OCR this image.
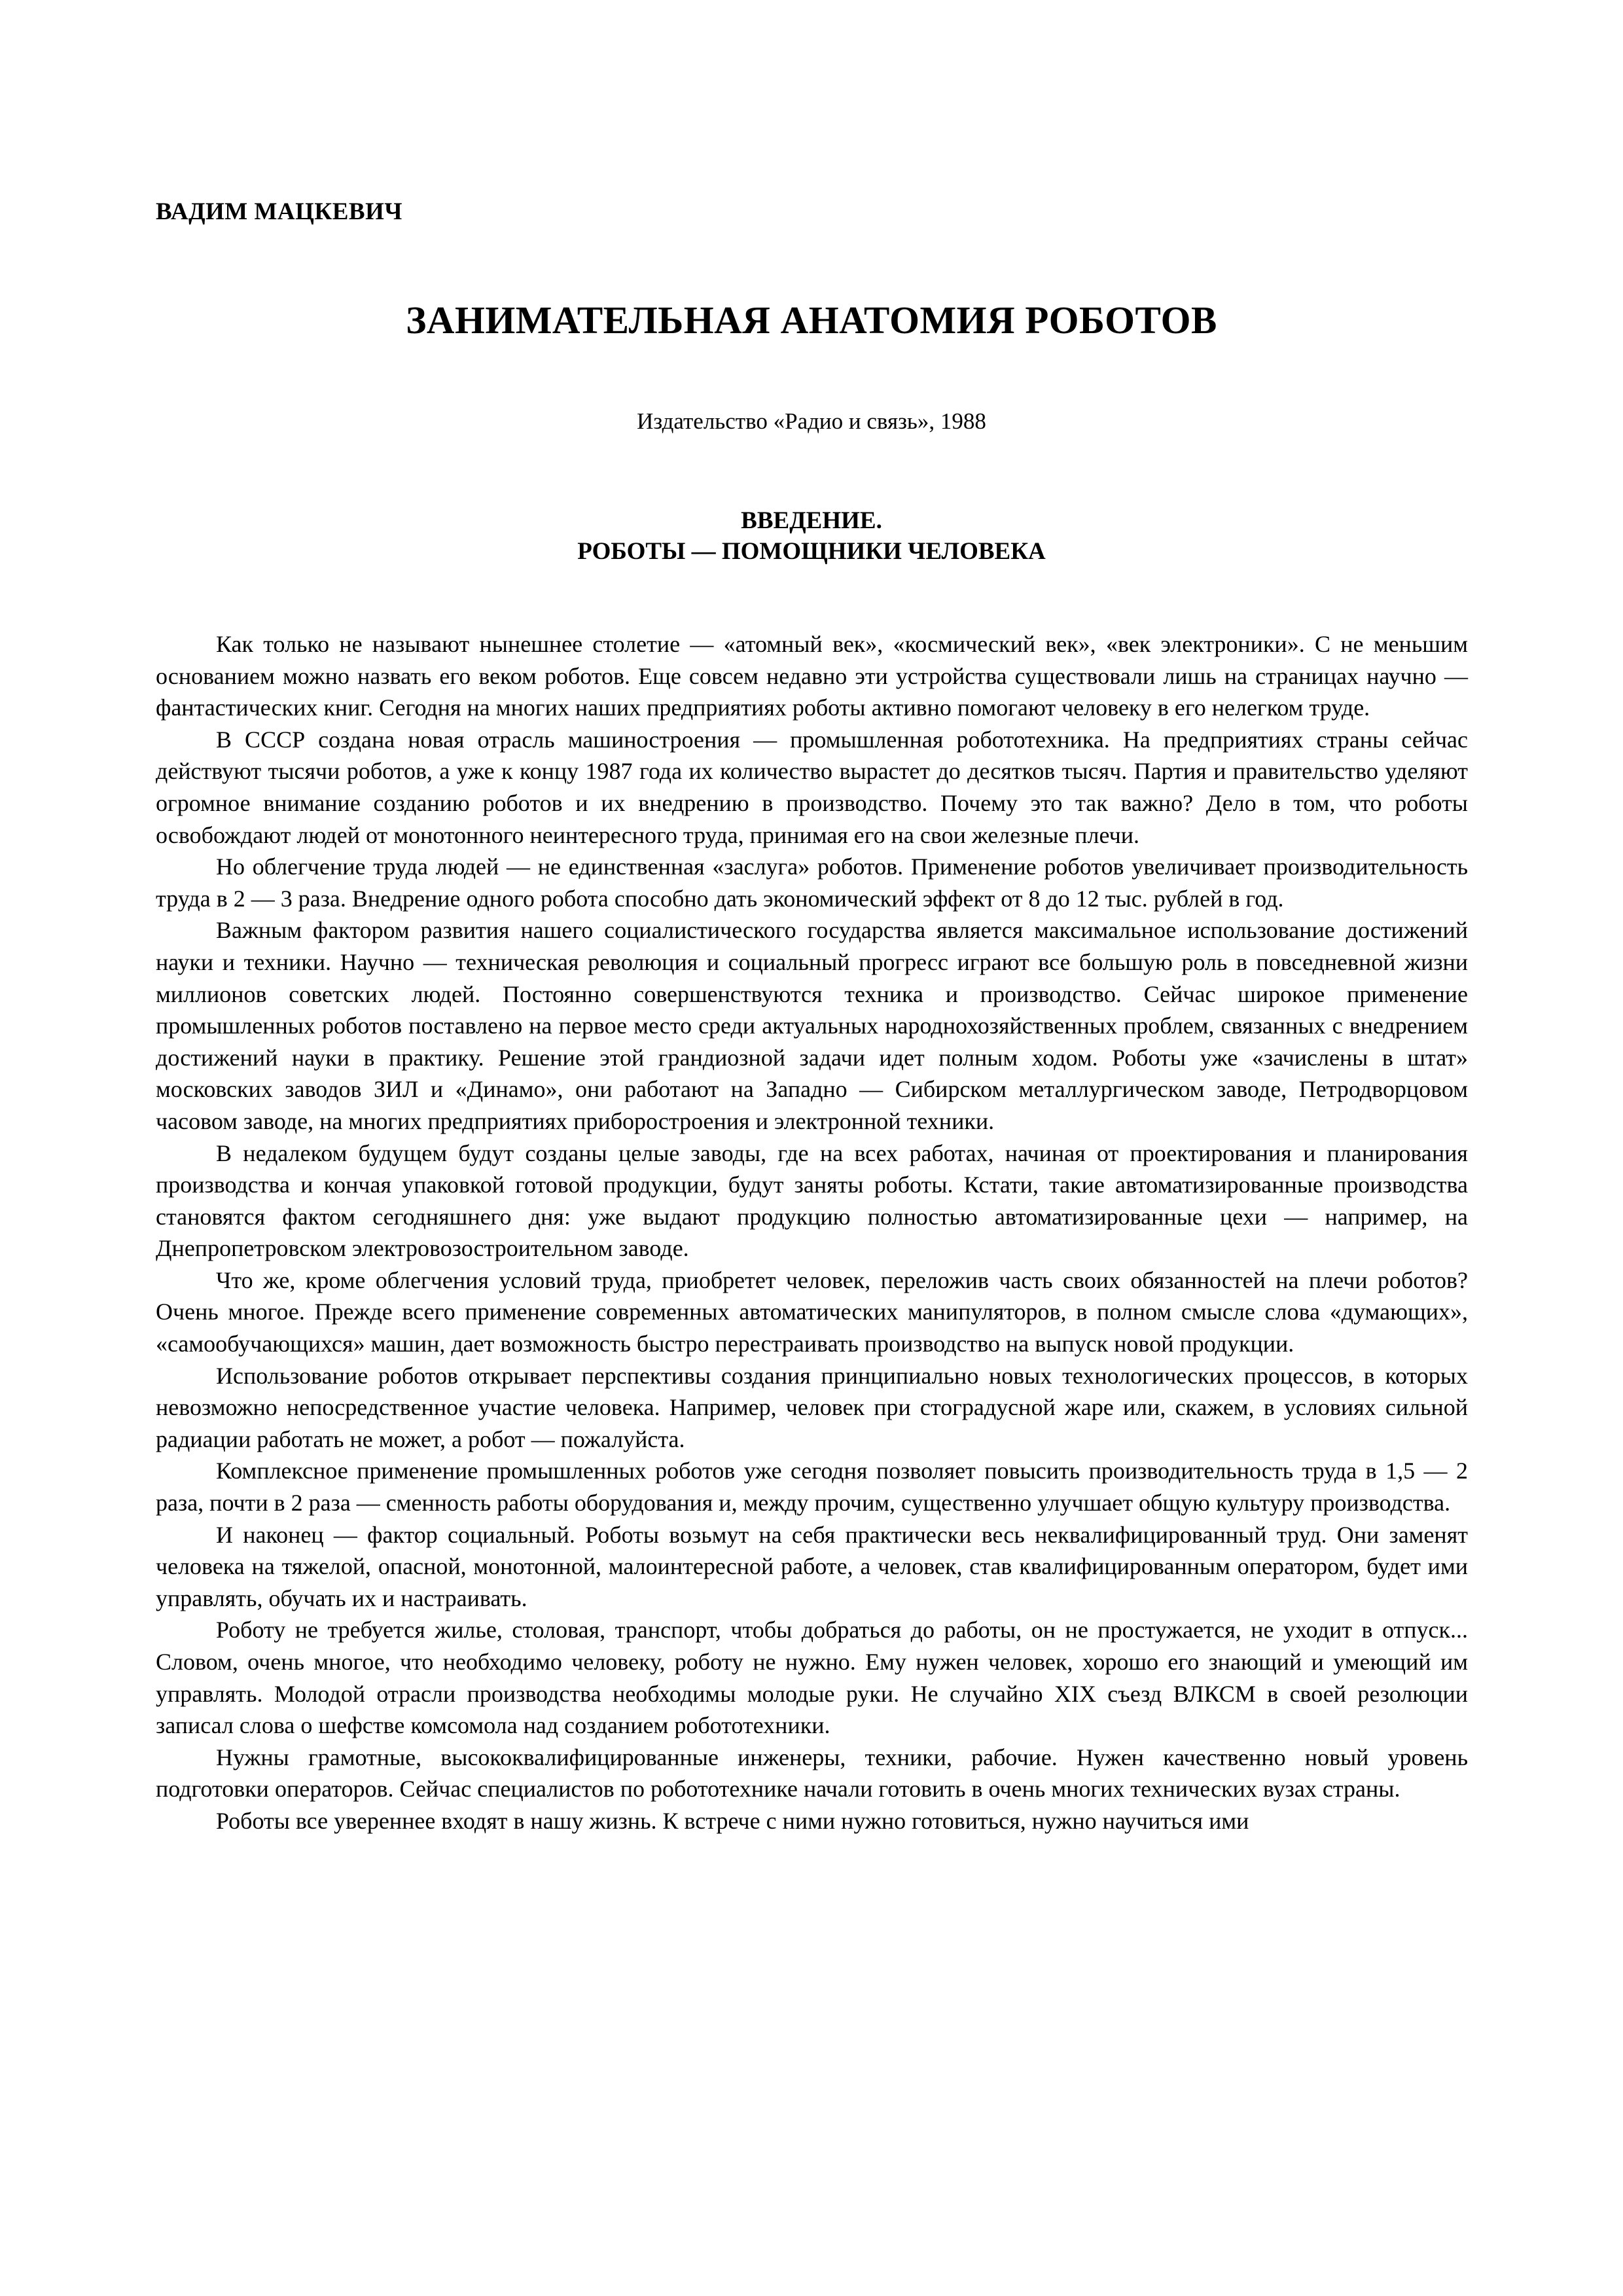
ВАДИМ МАЦКЕВИЧ
ЗАНИМАТЕЛЬНАЯ АНАТОМИЯ РОБОТОВ

Издательство «Радио и связь», 1988

ВВЕДЕНИЕ.
РОБОТЫ — ПОМОЩНИКИ ЧЕЛОВЕКА

Как только не называют нынешнее столетие — «атомный век», «космический век», «век электроники». С не меньшим основанием можно назвать его веком роботов. Еще совсем недавно эти устройства существовали лишь на страницах научно — фантастических книг. Сегодня на многих наших предприятиях роботы активно помогают человеку в его нелегком труде.

В СССР создана новая отрасль машиностроения — промышленная робототехника. На предприятиях страны сейчас действуют тысячи роботов, а уже к концу 1987 года их количество вырастет до десятков тысяч. Партия и правительство уделяют огромное внимание созданию роботов и их внедрению в производство. Почему это так важно? Дело в том, что роботы освобождают людей от монотонного неинтересного труда, принимая его на свои железные плечи.

Но облегчение труда людей — не единственная «заслуга» роботов. Применение роботов увеличивает производительность труда в 2 — 3 раза. Внедрение одного робота способно дать экономический эффект от 8 до 12 тыс. рублей в год.

Важным фактором развития нашего социалистического государства является максимальное использование достижений науки и техники. Научно — техническая революция и социальный прогресс играют все большую роль в повседневной жизни миллионов советских людей. Постоянно совершенствуются техника и производство. Сейчас широкое применение промышленных роботов поставлено на первое место среди актуальных народнохозяйственных проблем, связанных с внедрением достижений науки в практику. Решение этой грандиозной задачи идет полным ходом. Роботы уже «зачислены в штат» московских заводов ЗИЛ и «Динамо», они работают на Западно — Сибирском металлургическом заводе, Петродворцовом часовом заводе, на многих предприятиях приборостроения и электронной техники.

В недалеком будущем будут созданы целые заводы, где на всех работах, начиная от проектирования и планирования производства и кончая упаковкой готовой продукции, будут заняты роботы. Кстати, такие автоматизированные производства становятся фактом сегодняшнего дня: уже выдают продукцию полностью автоматизированные цехи — например, на Днепропетровском электровозостроительном заводе.

Что же, кроме облегчения условий труда, приобретет человек, переложив часть своих обязанностей на плечи роботов? Очень многое. Прежде всего применение современных автоматических манипуляторов, в полном смысле слова «думающих», «самообучающихся» машин, дает возможность быстро перестраивать производство на выпуск новой продукции.

Использование роботов открывает перспективы создания принципиально новых технологических процессов, в которых невозможно непосредственное участие человека. Например, человек при стоградусной жаре или, скажем, в условиях сильной радиации работать не может, а робот — пожалуйста.

Комплексное применение промышленных роботов уже сегодня позволяет повысить производительность труда в 1,5 — 2 раза, почти в 2 раза — сменность работы оборудования и, между прочим, существенно улучшает общую культуру производства.

И наконец — фактор социальный. Роботы возьмут на себя практически весь неквалифицированный труд. Они заменят человека на тяжелой, опасной, монотонной, малоинтересной работе, а человек, став квалифицированным оператором, будет ими управлять, обучать их и настраивать.

Роботу не требуется жилье, столовая, транспорт, чтобы добраться до работы, он не простужается, не уходит в отпуск... Словом, очень многое, что необходимо человеку, роботу не нужно. Ему нужен человек, хорошо его знающий и умеющий им управлять. Молодой отрасли производства необходимы молодые руки. Не случайно XIX съезд ВЛКСМ в своей резолюции записал слова о шефстве комсомола над созданием робототехники.

Нужны грамотные, высококвалифицированные инженеры, техники, рабочие. Нужен качественно новый уровень подготовки операторов. Сейчас специалистов по робототехнике начали готовить в очень многих технических вузах страны.

Роботы все увереннее входят в нашу жизнь. К встрече с ними нужно готовиться, нужно научиться ими
